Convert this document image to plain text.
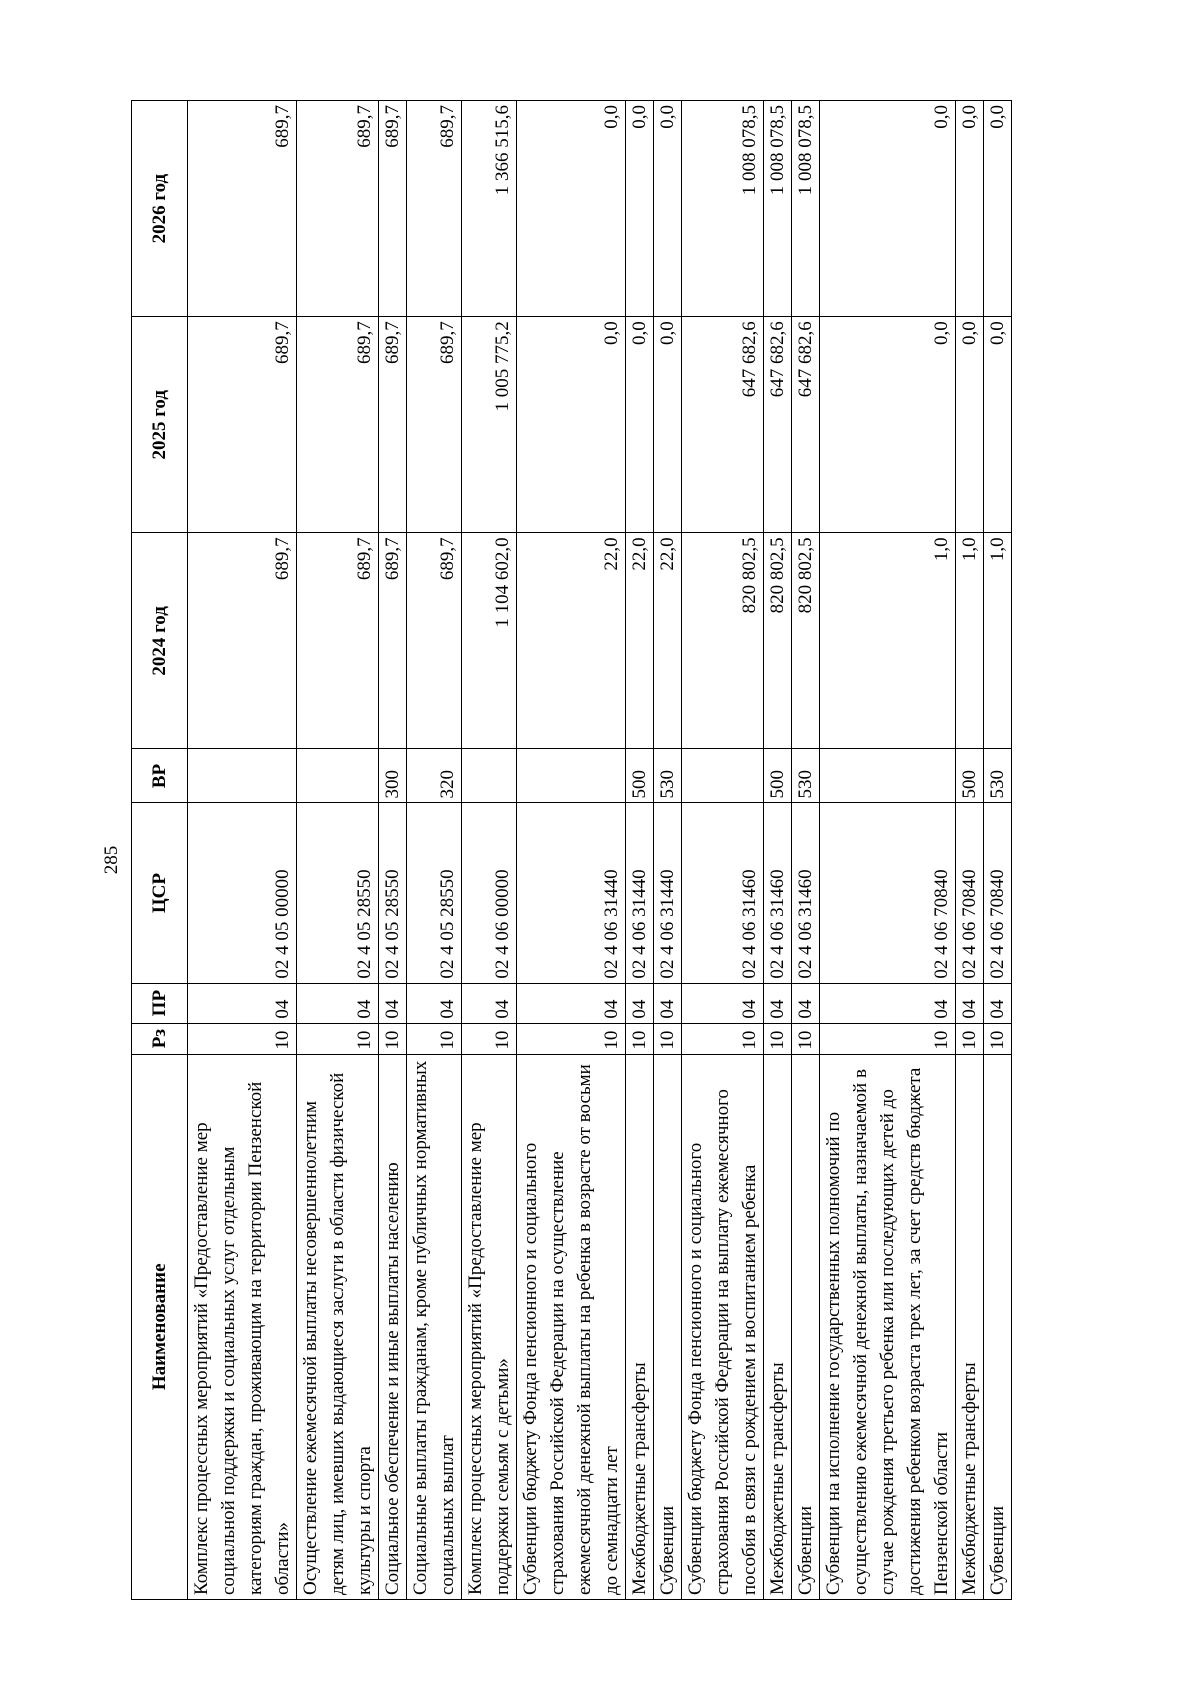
285
Наименование	Рз	ПР	ЦСР	ВР	2024 год	2025 год	2026 год
Комплекс процессных мероприятий «Предоставление мер социальной поддержки и социальных услуг отдельным категориям граждан, проживающим на территории Пензенской области»	10	04	02 4 05 00000		689,7	689,7	689,7
Осуществление ежемесячной выплаты несовершеннолетним детям лиц, имевших выдающиеся заслуги в области физической культуры и спорта	10	04	02 4 05 28550		689,7	689,7	689,7
Социальное обеспечение и иные выплаты населению	10	04	02 4 05 28550	300	689,7	689,7	689,7
Социальные выплаты гражданам, кроме публичных нормативных социальных выплат	10	04	02 4 05 28550	320	689,7	689,7	689,7
Комплекс процессных мероприятий «Предоставление мер поддержки семьям с детьми»	10	04	02 4 06 00000		1 104 602,0	1 005 775,2	1 366 515,6
Субвенции бюджету Фонда пенсионного и социального страхования Российской Федерации на осуществление ежемесячной денежной выплаты на ребенка в возрасте от восьми до семнадцати лет	10	04	02 4 06 31440		22,0	0,0	0,0
Межбюджетные трансферты	10	04	02 4 06 31440	500	22,0	0,0	0,0
Субвенции	10	04	02 4 06 31440	530	22,0	0,0	0,0
Субвенции бюджету Фонда пенсионного и социального страхования Российской Федерации на выплату ежемесячного пособия в связи с рождением и воспитанием ребенка	10	04	02 4 06 31460		820 802,5	647 682,6	1 008 078,5
Межбюджетные трансферты	10	04	02 4 06 31460	500	820 802,5	647 682,6	1 008 078,5
Субвенции	10	04	02 4 06 31460	530	820 802,5	647 682,6	1 008 078,5
Субвенции на исполнение государственных полномочий по осуществлению ежемесячной денежной выплаты, назначаемой в случае рождения третьего ребенка или последующих детей до достижения ребенком возраста трех лет, за счет средств бюджета Пензенской области	10	04	02 4 06 70840		1,0	0,0	0,0
Межбюджетные трансферты	10	04	02 4 06 70840	500	1,0	0,0	0,0
Субвенции	10	04	02 4 06 70840	530	1,0	0,0	0,0
